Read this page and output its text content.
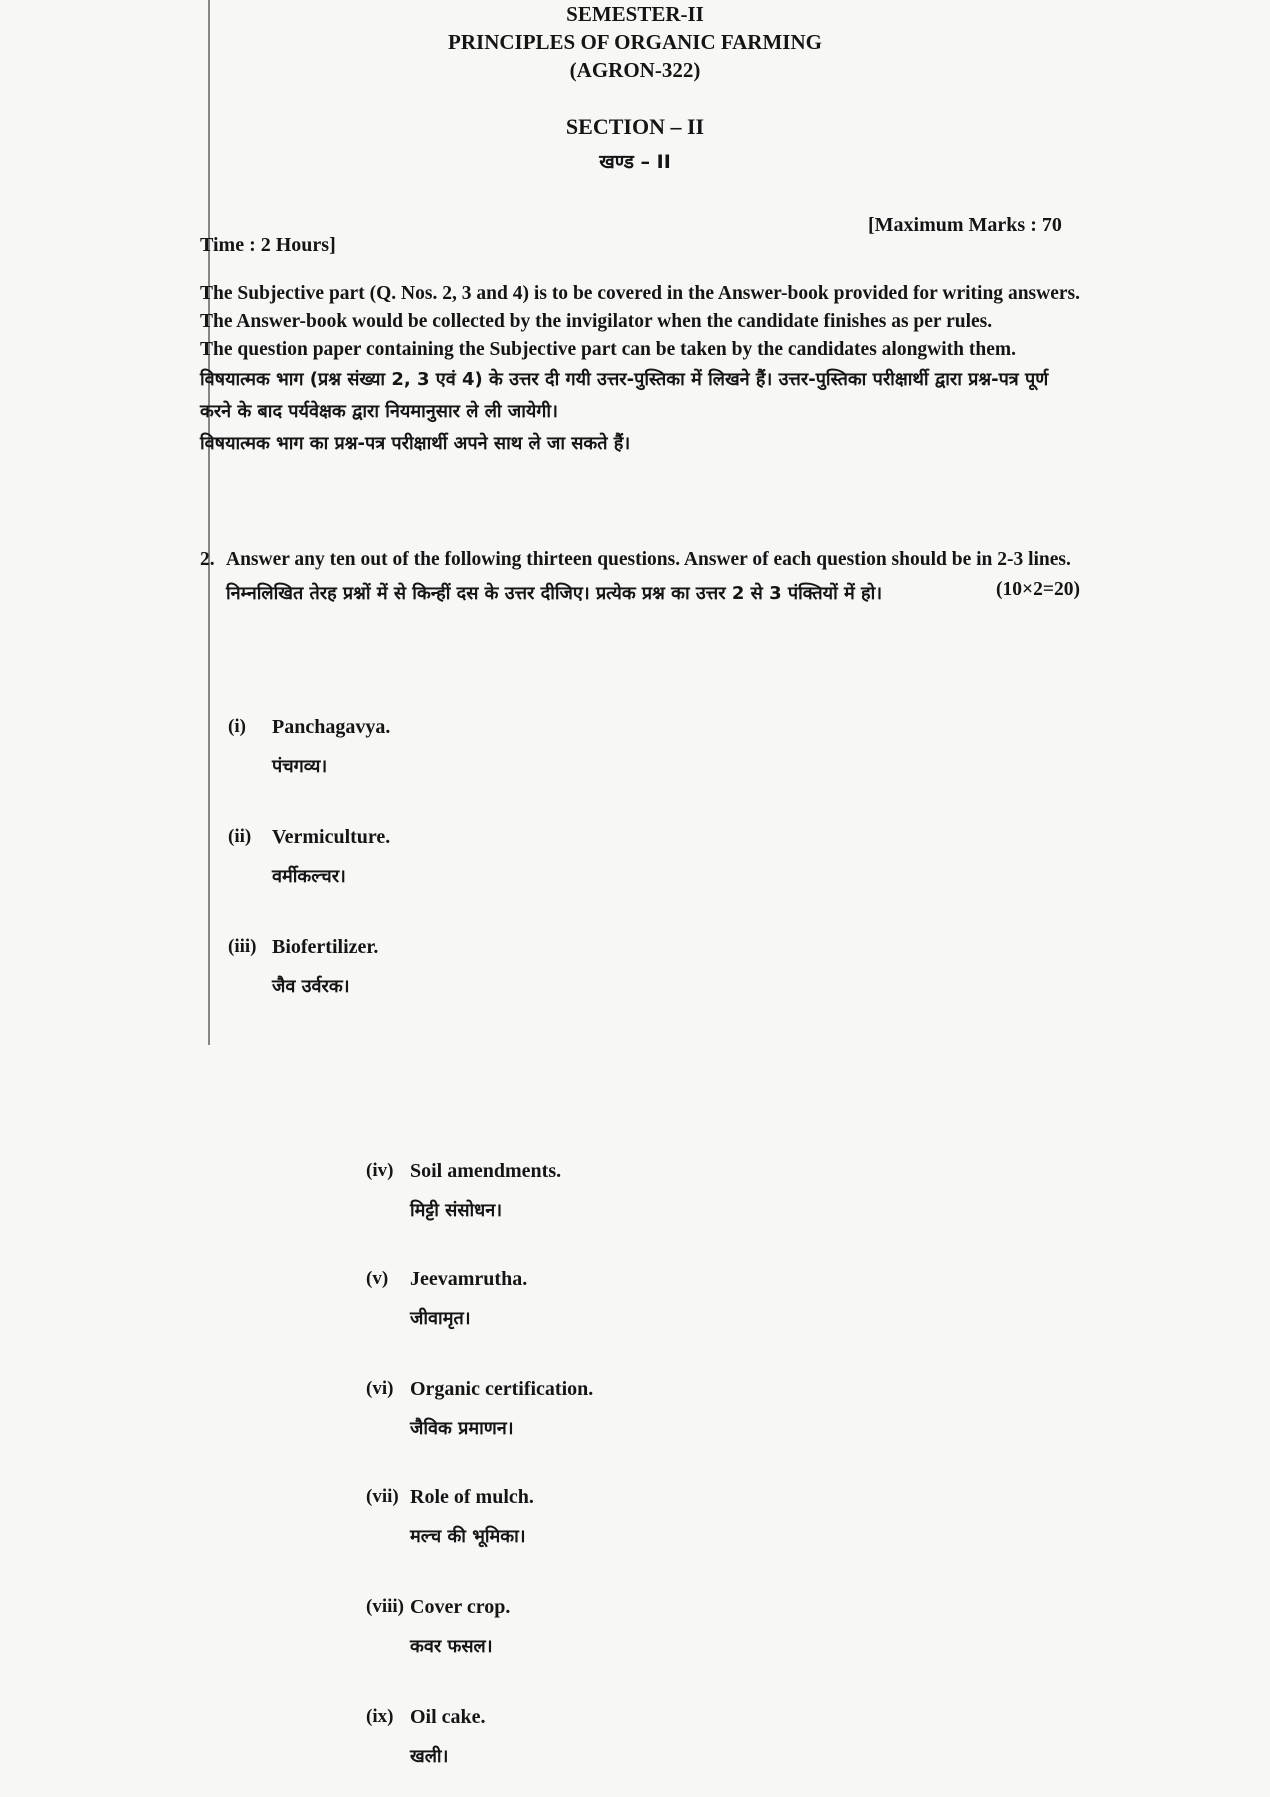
SEMESTER-II
PRINCIPLES OF ORGANIC FARMING
(AGRON-322)
SECTION – II
खण्ड – II
Time : 2 Hours]
[Maximum Marks : 70

The Subjective part (Q. Nos. 2, 3 and 4) is to be covered in the Answer-book provided for writing answers. The Answer-book would be collected by the invigilator when the candidate finishes as per rules.

The question paper containing the Subjective part can be taken by the candidates alongwith them.

विषयात्मक भाग (प्रश्न संख्या 2, 3 एवं 4) के उत्तर दी गयी उत्तर-पुस्तिका में लिखने हैं। उत्तर-पुस्तिका परीक्षार्थी द्वारा प्रश्न-पत्र पूर्ण करने के बाद पर्यवेक्षक द्वारा नियमानुसार ले ली जायेगी।

विषयात्मक भाग का प्रश्न-पत्र परीक्षार्थी अपने साथ ले जा सकते हैं।

2. Answer any ten out of the following thirteen questions. Answer of each question should be in 2-3 lines.
(10×2=20)
निम्नलिखित तेरह प्रश्नों में से किन्हीं दस के उत्तर दीजिए। प्रत्येक प्रश्न का उत्तर 2 से 3 पंक्तियों में हो।
(i) Panchagavya.
पंचगव्य।
(ii) Vermiculture.
वर्मीकल्चर।
(iii) Biofertilizer.
जैव उर्वरक।
(iv) Soil amendments.
मिट्टी संसोधन।
(v) Jeevamrutha.
जीवामृत।
(vi) Organic certification.
जैविक प्रमाणन।
(vii) Role of mulch.
मल्च की भूमिका।
(viii) Cover crop.
कवर फसल।
(ix) Oil cake.
खली।
